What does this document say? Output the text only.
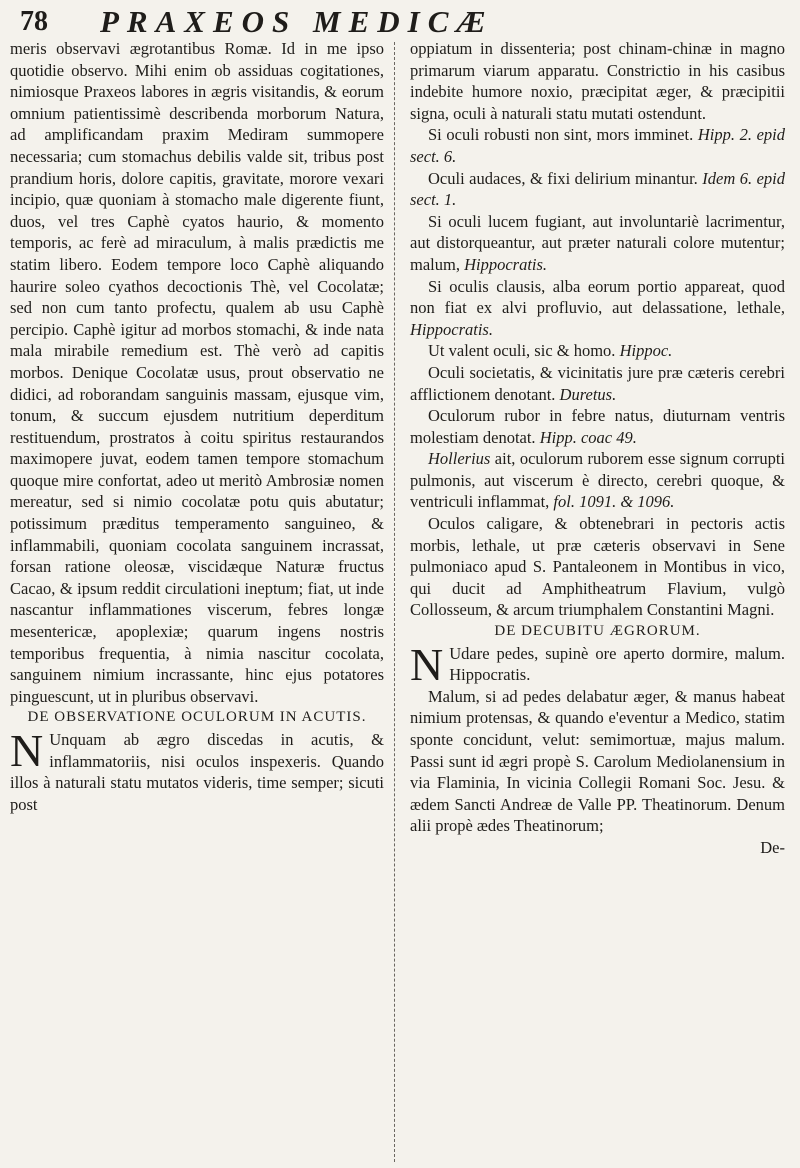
78 PRAXEOS MEDICÆ

meris observavi ægrotantibus Romæ. Id in me ipso quotidie observo. Mihi enim ob assiduas cogitationes, nimiosque Praxeos labores in ægris visitandis, & eorum omnium patientissimè describenda morborum Natura, ad amplificandam praxim Mediram summopere necessaria; cum stomachus debilis valde sit, tribus post prandium horis, dolore capitis, gravitate, morore vexari incipio, quæ quoniam à stomacho male digerente fiunt, duos, vel tres Caphè cyatos haurio, & momento temporis, ac ferè ad miraculum, à malis prædictis me statim libero. Eodem tempore loco Caphè aliquando haurire soleo cyathos decoctionis Thè, vel Cocolatæ; sed non cum tanto profectu, qualem ab usu Caphè percipio. Caphè igitur ad morbos stomachi, & inde nata mala mirabile remedium est. Thè verò ad capitis morbos. Denique Cocolatæ usus, prout observatio ne didici, ad roborandam sanguinis massam, ejusque vim, tonum, & succum ejusdem nutritium deperditum restituendum, prostratos à coitu spiritus restaurandos maximopere juvat, eodem tamen tempore stomachum quoque mire confortat, adeo ut meritò Ambrosiæ nomen mereatur, sed si nimio cocolatæ potu quis abutatur; potissimum præditus temperamento sanguineo, & inflammabili, quoniam cocolata sanguinem incrassat, forsan ratione oleosæ, viscidæque Naturæ fructus Cacao, & ipsum reddit circulationi ineptum; fiat, ut inde nascantur inflammationes viscerum, febres longæ mesentericæ, apoplexiæ; quarum ingens nostris temporibus frequentia, à nimia nascitur cocolata, sanguinem nimium incrassante, hinc ejus potatores pinguescunt, ut in pluribus observavi.

DE OBSERVATIONE OCULORUM IN ACUTIS.

N Unquam ab ægro discedas in acutis, & inflammatoriis, nisi oculos inspexeris. Quando illos à naturali statu mutatos videris, time semper; sicuti post

oppiatum in dissenteria; post chinam-chinæ in magno primarum viarum apparatu. Constrictio in his casibus indebite humore noxio, præcipitat æger, & præcipitii signa, oculi à naturali statu mutati ostendunt.

Si oculi robusti non sint, mors imminet. Hipp. 2. epid sect. 6.

Oculi audaces, & fixi delirium minantur. Idem 6. epid sect. 1.

Si oculi lucem fugiant, aut involuntariè lacrimentur, aut distorqueantur, aut præter naturali colore mutentur; malum, Hippocratis.

Si oculis clausis, alba eorum portio appareat, quod non fiat ex alvi profluvio, aut delassatione, lethale, Hippocratis.

Ut valent oculi, sic & homo. Hippoc.

Oculi societatis, & vicinitatis jure præ cæteris cerebri afflictionem denotant. Duretus.

Oculorum rubor in febre natus, diuturnam ventris molestiam denotat. Hipp. coac 49.

Hollerius ait, oculorum ruborem esse signum corrupti pulmonis, aut viscerum è directo, cerebri quoque, & ventriculi inflammat, fol. 1091. & 1096.

Oculos caligare, & obtenebrari in pectoris actis morbis, lethale, ut præ cæteris observavi in Sene pulmoniaco apud S. Pantaleonem in Montibus in vico, qui ducit ad Amphitheatrum Flavium, vulgò Collosseum, & arcum triumphalem Constantini Magni.

DE DECUBITU ÆGRORUM.

N Udare pedes, supinè ore aperto dormire, malum. Hippocratis.

Malum, si ad pedes delabatur æger, & manus habeat nimium protensas, & quando e'eventur a Medico, statim sponte concidunt, velut: semimortuæ, majus malum. Passi sunt id ægri propè S. Carolum Mediolanensium in via Flaminia, In vicinia Collegii Romani Soc. Jesu. & ædem Sancti Andreæ de Valle PP. Theatinorum. Denum alii propè ædes Theatinorum;

De-
